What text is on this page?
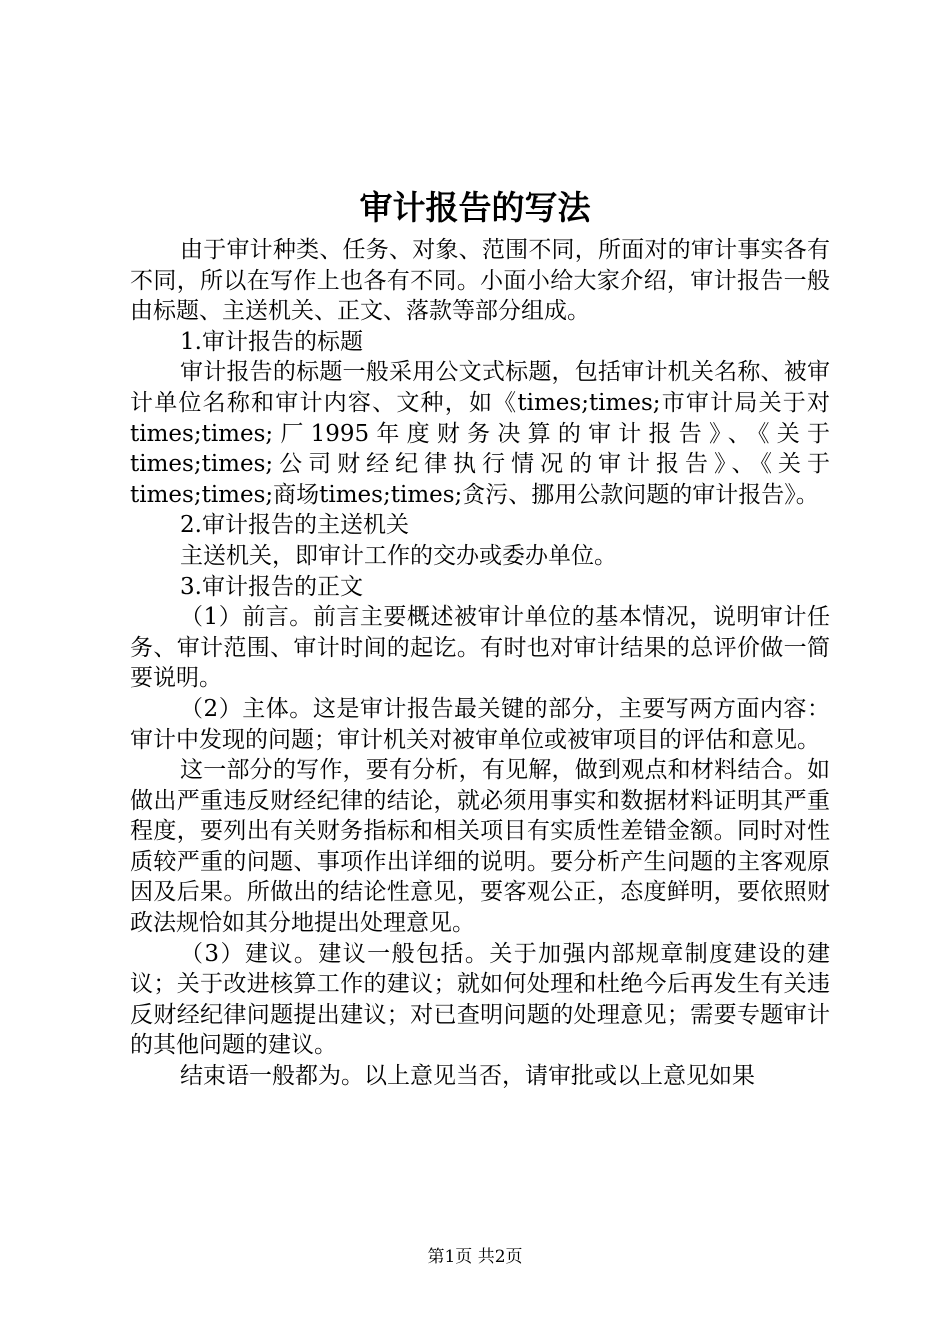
审计报告的写法

由于审计种类、任务、对象、范围不同，所面对的审计事实各有不同，所以在写作上也各有不同。小面小给大家介绍，审计报告一般由标题、主送机关、正文、落款等部分组成。

1.审计报告的标题

审计报告的标题一般采用公文式标题，包括审计机关名称、被审计单位名称和审计内容、文种，如《times;times;市审计局关于对times;times;厂1995年度财务决算的审计报告》、《关于times;times;公司财经纪律执行情况的审计报告》、《关于times;times;商场times;times;贪污、挪用公款问题的审计报告》。

2.审计报告的主送机关

主送机关，即审计工作的交办或委办单位。

3.审计报告的正文

（1）前言。前言主要概述被审计单位的基本情况，说明审计任务、审计范围、审计时间的起讫。有时也对审计结果的总评价做一简要说明。

（2）主体。这是审计报告最关键的部分，主要写两方面内容：审计中发现的问题；审计机关对被审单位或被审项目的评估和意见。

这一部分的写作，要有分析，有见解，做到观点和材料结合。如做出严重违反财经纪律的结论，就必须用事实和数据材料证明其严重程度，要列出有关财务指标和相关项目有实质性差错金额。同时对性质较严重的问题、事项作出详细的说明。要分析产生问题的主客观原因及后果。所做出的结论性意见，要客观公正，态度鲜明，要依照财政法规恰如其分地提出处理意见。

（3）建议。建议一般包括。关于加强内部规章制度建设的建议；关于改进核算工作的建议；就如何处理和杜绝今后再发生有关违反财经纪律问题提出建议；对已查明问题的处理意见；需要专题审计的其他问题的建议。

结束语一般都为。以上意见当否，请审批或以上意见如果

第1页 共2页
